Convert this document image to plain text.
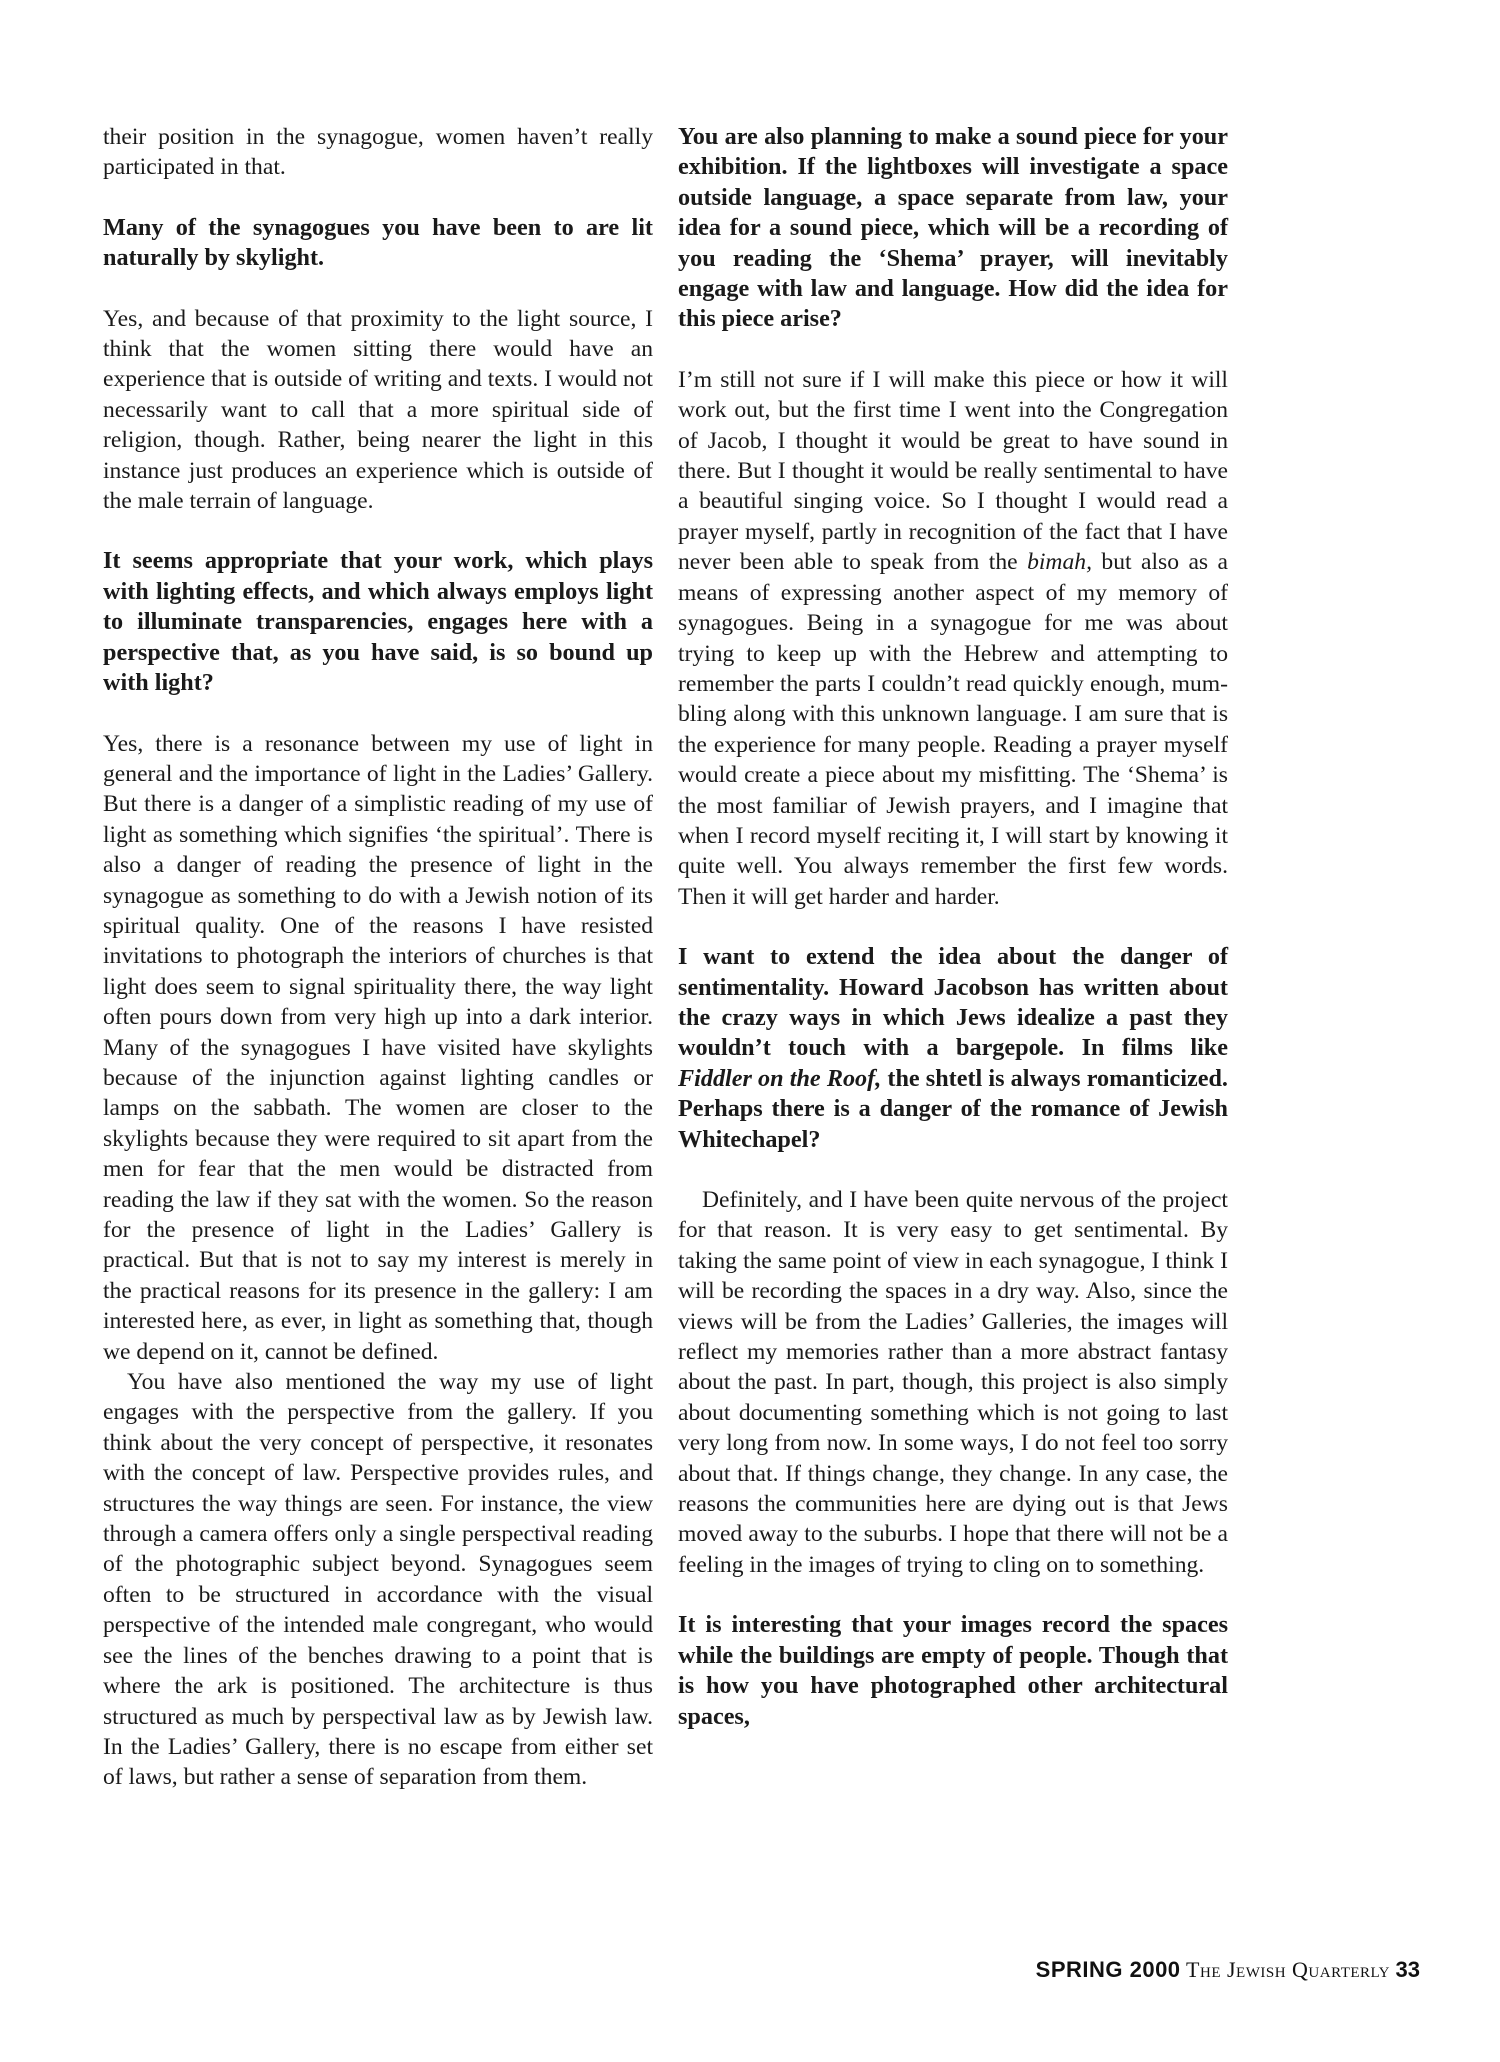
their position in the synagogue, women haven’t really participated in that.

Many of the synagogues you have been to are lit naturally by skylight.

Yes, and because of that proximity to the light source, I think that the women sitting there would have an experience that is outside of writing and texts. I would not necessarily want to call that a more spiritual side of religion, though. Rather, being nearer the light in this instance just produces an experience which is outside of the male terrain of language.

It seems appropriate that your work, which plays with lighting effects, and which always employs light to illuminate transparencies, engages here with a perspective that, as you have said, is so bound up with light?

Yes, there is a resonance between my use of light in general and the importance of light in the Ladies’ Gallery. But there is a danger of a simplistic reading of my use of light as something which signifies ‘the spiritual’. There is also a danger of reading the presence of light in the synagogue as something to do with a Jewish notion of its spiritual quality. One of the reasons I have resisted invitations to photograph the interiors of churches is that light does seem to signal spirituality there, the way light often pours down from very high up into a dark interior. Many of the synagogues I have visited have skylights because of the injunction against lighting candles or lamps on the sabbath. The women are closer to the skylights because they were required to sit apart from the men for fear that the men would be distracted from reading the law if they sat with the women. So the reason for the presence of light in the Ladies’ Gallery is practical. But that is not to say my interest is merely in the practical reasons for its presence in the gallery: I am interested here, as ever, in light as something that, though we depend on it, cannot be defined.

You have also mentioned the way my use of light engages with the perspective from the gallery. If you think about the very concept of perspective, it resonates with the concept of law. Perspective provides rules, and structures the way things are seen. For instance, the view through a camera offers only a single perspectival reading of the photographic subject beyond. Synagogues seem often to be structured in accordance with the visual perspective of the intended male congregant, who would see the lines of the benches drawing to a point that is where the ark is positioned. The architecture is thus structured as much by perspectival law as by Jewish law. In the Ladies’ Gallery, there is no escape from either set of laws, but rather a sense of separation from them.

You are also planning to make a sound piece for your exhibition. If the lightboxes will investigate a space outside language, a space separate from law, your idea for a sound piece, which will be a recording of you reading the ‘Shema’ prayer, will inevitably engage with law and language. How did the idea for this piece arise?

I’m still not sure if I will make this piece or how it will work out, but the first time I went into the Congregation of Jacob, I thought it would be great to have sound in there. But I thought it would be really sentimental to have a beautiful singing voice. So I thought I would read a prayer myself, partly in recognition of the fact that I have never been able to speak from the bimah, but also as a means of expressing another aspect of my memory of synagogues. Being in a synagogue for me was about trying to keep up with the Hebrew and attempting to remember the parts I couldn’t read quickly enough, mumbling along with this unknown language. I am sure that is the experience for many people. Reading a prayer myself would create a piece about my misfitting. The ‘Shema’ is the most familiar of Jewish prayers, and I imagine that when I record myself reciting it, I will start by knowing it quite well. You always remember the first few words. Then it will get harder and harder.

I want to extend the idea about the danger of sentimentality. Howard Jacobson has written about the crazy ways in which Jews idealize a past they wouldn’t touch with a bargepole. In films like Fiddler on the Roof, the shtetl is always romanticized. Perhaps there is a danger of the romance of Jewish Whitechapel?

Definitely, and I have been quite nervous of the project for that reason. It is very easy to get sentimental. By taking the same point of view in each synagogue, I think I will be recording the spaces in a dry way. Also, since the views will be from the Ladies’ Galleries, the images will reflect my memories rather than a more abstract fantasy about the past. In part, though, this project is also simply about documenting something which is not going to last very long from now. In some ways, I do not feel too sorry about that. If things change, they change. In any case, the reasons the communities here are dying out is that Jews moved away to the suburbs. I hope that there will not be a feeling in the images of trying to cling on to something.

It is interesting that your images record the spaces while the buildings are empty of people. Though that is how you have photographed other architectural spaces,

SPRING 2000 The Jewish Quarterly 33
